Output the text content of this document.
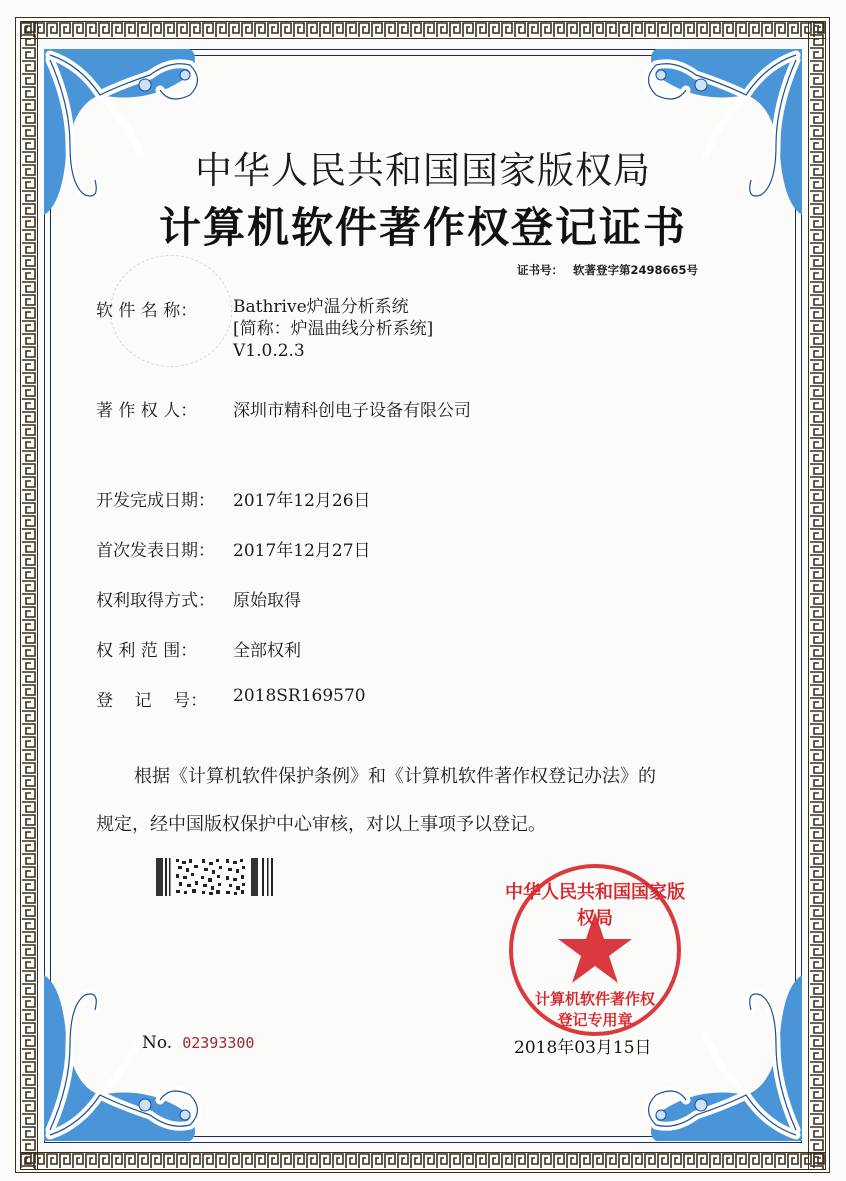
中华人民共和国国家版权局
计算机软件著作权登记证书
证书号： 软著登字第2498665号
软 件 名 称：	Bathrive炉温分析系统
[简称：炉温曲线分析系统]
V1.0.2.3
著 作 权 人：	深圳市精科创电子设备有限公司
开发完成日期：	2017年12月26日
首次发表日期：	2017年12月27日
权利取得方式：	原始取得
权 利 范 围：	全部权利
登    记    号：	2018SR169570
根据《计算机软件保护条例》和《计算机软件著作权登记办法》的
规定，经中国版权保护中心审核，对以上事项予以登记。
No. 02393300
中华人民共和国国家版权局
计算机软件著作权
登记专用章
2018年03月15日
